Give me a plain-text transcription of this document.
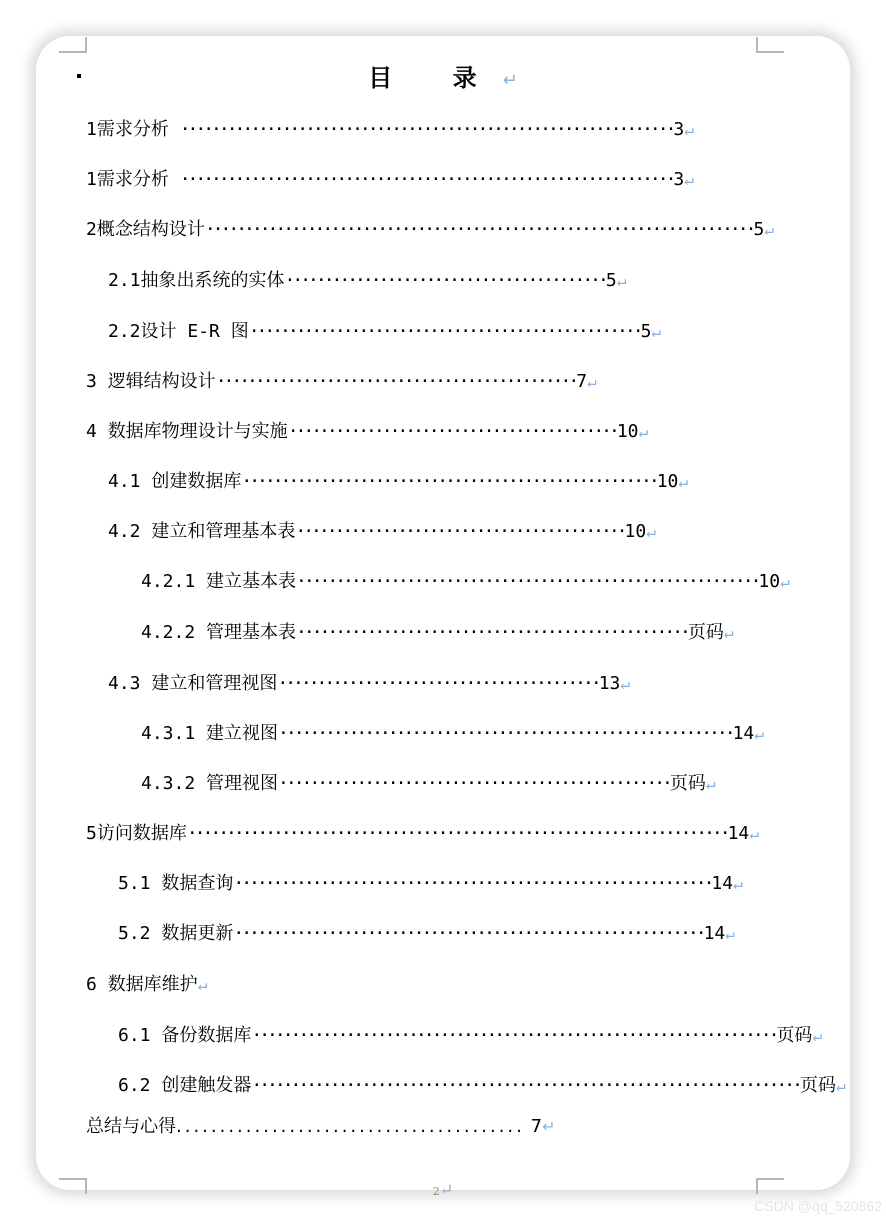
目 录↵
1需求分析 ·······························································3↵
1需求分析 ·······························································3↵
2概念结构设计······································································5↵
2.1抽象出系统的实体·········································5↵
2.2设计 E-R 图··················································5↵
3 逻辑结构设计··············································7↵
4 数据库物理设计与实施··········································10↵
4.1 创建数据库·····················································10↵
4.2 建立和管理基本表··········································10↵
4.2.1 建立基本表···························································10↵
4.2.2 管理基本表··················································页码↵
4.3 建立和管理视图·········································13↵
4.3.1 建立视图··························································14↵
4.3.2 管理视图··················································页码↵
5访问数据库·····································································14↵
5.1 数据查询·····························································14↵
5.2 数据更新····························································14↵
6 数据库维护↵
6.1 备份数据库···································································页码↵
6.2 创建触发器······································································页码↵
总结与心得........................................ 7↵
2↵
CSDN @qq_520862
